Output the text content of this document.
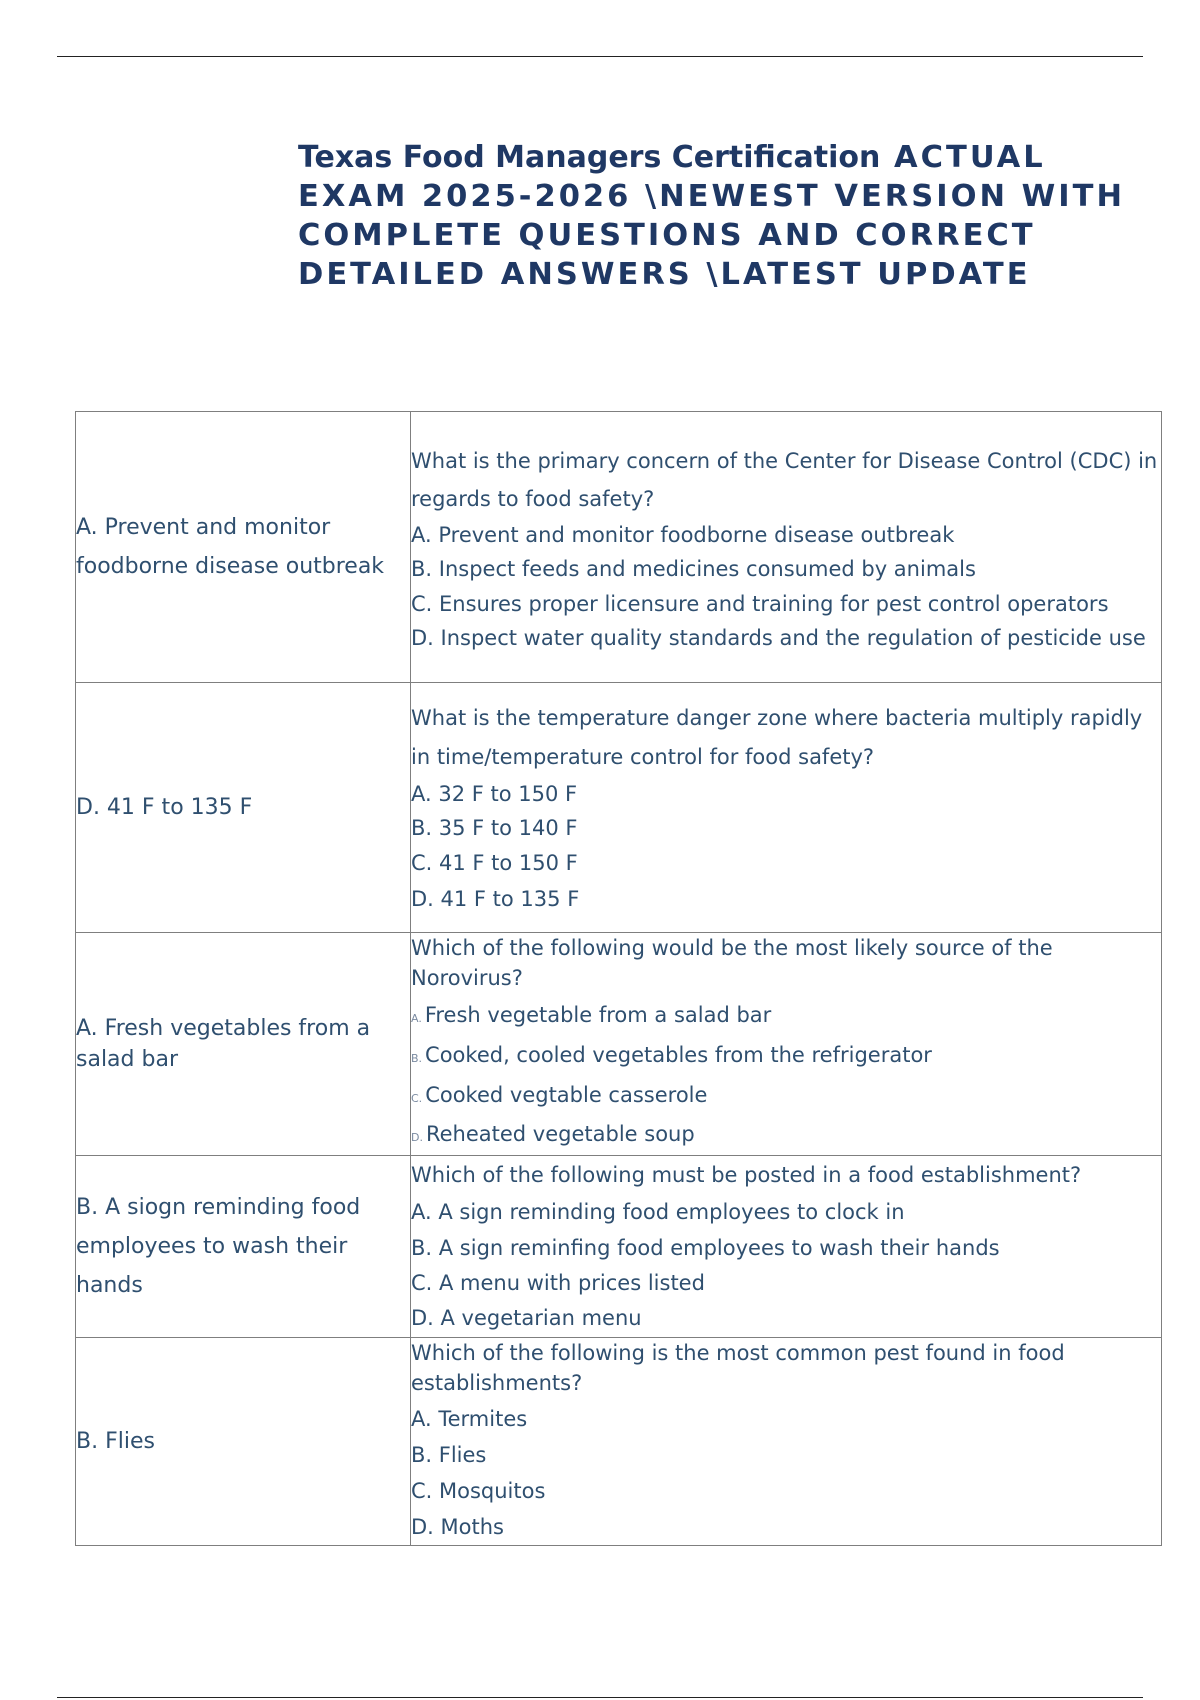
Texas Food Managers Certification ACTUAL EXAM 2025-2026 \NEWEST VERSION WITH COMPLETE QUESTIONS AND CORRECT DETAILED ANSWERS \LATEST UPDATE
A. Prevent and monitor foodborne disease outbreak	What is the primary concern of the Center for Disease Control (CDC) in regards to food safety?
A. Prevent and monitor foodborne disease outbreak
B. Inspect feeds and medicines consumed by animals
C. Ensures proper licensure and training for pest control operators
D. Inspect water quality standards and the regulation of pesticide use

D. 41 F to 135 F	What is the temperature danger zone where bacteria multiply rapidly in time/temperature control for food safety?
A. 32 F to 150 F
B. 35 F to 140 F
C. 41 F to 150 F
D. 41 F to 135 F

A. Fresh vegetables from a salad bar	Which of the following would be the most likely source of the Norovirus?
A. Fresh vegetable from a salad bar
B. Cooked, cooled vegetables from the refrigerator
C. Cooked vegtable casserole
D. Reheated vegetable soup

B. A siogn reminding food employees to wash their hands	Which of the following must be posted in a food establishment?
A. A sign reminding food employees to clock in
B. A sign reminfing food employees to wash their hands
C. A menu with prices listed
D. A vegetarian menu

B. Flies	Which of the following is the most common pest found in food establishments?
A. Termites
B. Flies
C. Mosquitos
D. Moths
